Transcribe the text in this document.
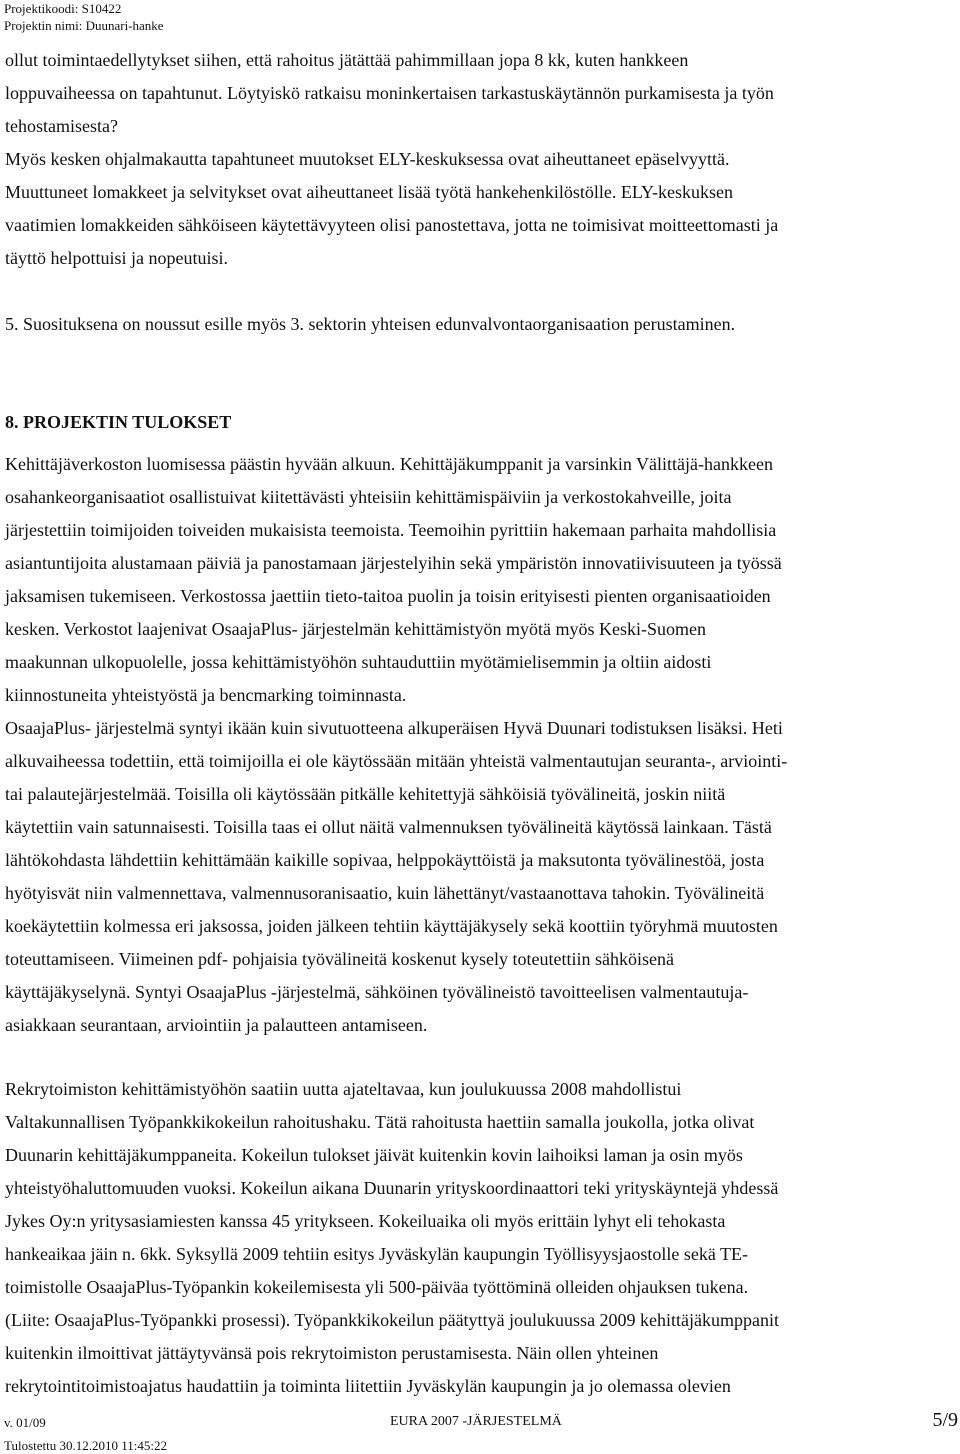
Projektikoodi: S10422
Projektin nimi: Duunari-hanke
ollut toimintaedellytykset siihen, että rahoitus jätättää pahimmillaan jopa 8 kk, kuten hankkeen
loppuvaiheessa on tapahtunut. Löytyiskö ratkaisu moninkertaisen tarkastuskäytännön purkamisesta ja työn
tehostamisesta?
Myös kesken ohjalmakautta tapahtuneet muutokset ELY-keskuksessa ovat aiheuttaneet epäselvyyttä.
Muuttuneet lomakkeet ja selvitykset ovat aiheuttaneet lisää työtä hankehenkilöstölle. ELY-keskuksen
vaatimien lomakkeiden sähköiseen käytettävyyteen olisi panostettava, jotta ne toimisivat moitteettomasti ja
täyttö helpottuisi ja nopeutuisi.
5. Suosituksena on noussut esille myös 3. sektorin yhteisen edunvalvontaorganisaation perustaminen.
8. PROJEKTIN TULOKSET
Kehittäjäverkoston luomisessa päästin hyvään alkuun. Kehittäjäkumppanit ja varsinkin Välittäjä-hankkeen
osahankeorganisaatiot osallistuivat kiitettävästi yhteisiin kehittämispäiviin ja verkostokahveille, joita
järjestettiin toimijoiden toiveiden mukaisista teemoista. Teemoihin pyrittiin hakemaan parhaita mahdollisia
asiantuntijoita alustamaan päiviä ja panostamaan järjestelyihin sekä ympäristön innovatiivisuuteen ja työssä
jaksamisen tukemiseen. Verkostossa jaettiin tieto-taitoa puolin ja toisin erityisesti pienten organisaatioiden
kesken. Verkostot laajenivat OsaajaPlus- järjestelmän kehittämistyön myötä myös Keski-Suomen
maakunnan ulkopuolelle, jossa kehittämistyöhön suhtauduttiin myötämielisemmin ja oltiin aidosti
kiinnostuneita yhteistyöstä ja bencmarking toiminnasta.
OsaajaPlus- järjestelmä syntyi ikään kuin sivutuotteena alkuperäisen Hyvä Duunari todistuksen lisäksi. Heti
alkuvaiheessa todettiin, että toimijoilla ei ole käytössään mitään yhteistä valmentautujan seuranta-, arviointi-
tai palautejärjestelmää. Toisilla oli käytössään pitkälle kehitettyjä sähköisiä työvälineitä, joskin niitä
käytettiin vain satunnaisesti. Toisilla taas ei ollut näitä valmennuksen työvälineitä käytössä lainkaan. Tästä
lähtökohdasta lähdettiin kehittämään kaikille sopivaa, helppokäyttöistä ja maksutonta työvälinestöä, josta
hyötyisvät niin valmennettava, valmennusoranisaatio, kuin lähettänyt/vastaanottava tahokin. Työvälineitä
koekäytettiin kolmessa eri jaksossa, joiden jälkeen tehtiin käyttäjäkysely sekä koottiin työryhmä muutosten
toteuttamiseen. Viimeinen pdf- pohjaisia työvälineitä koskenut kysely toteutettiin sähköisenä
käyttäjäkyselynä. Syntyi OsaajaPlus -järjestelmä, sähköinen työvälineistö tavoitteelisen valmentautuja-
asiakkaan seurantaan, arviointiin ja palautteen antamiseen.
Rekrytoimiston kehittämistyöhön saatiin uutta ajateltavaa, kun joulukuussa 2008 mahdollistui
Valtakunnallisen Työpankkikokeilun rahoitushaku. Tätä rahoitusta haettiin samalla joukolla, jotka olivat
Duunarin kehittäjäkumppaneita. Kokeilun tulokset jäivät kuitenkin kovin laihoiksi laman ja osin myös
yhteistyöhaluttomuuden vuoksi. Kokeilun aikana Duunarin yrityskoordinaattori teki yrityskäyntejä yhdessä
Jykes Oy:n yritysasiamiesten kanssa 45 yritykseen. Kokeiluaika oli myös erittäin lyhyt eli tehokasta
hankeaikaa jäin n. 6kk. Syksyllä 2009 tehtiin esitys Jyväskylän kaupungin Työllisyysjaostolle sekä TE-
toimistolle OsaajaPlus-Työpankin kokeilemisesta yli 500-päiväa työttöminä olleiden ohjauksen tukena.
(Liite: OsaajaPlus-Työpankki prosessi). Työpankkikokeilun päätyttyä joulukuussa 2009 kehittäjäkumppanit
kuitenkin ilmoittivat jättäytyvänsä pois rekrytoimiston perustamisesta. Näin ollen yhteinen
rekrytointitoimistoajatus haudattiin ja toiminta liitettiin Jyväskylän kaupungin ja jo olemassa olevien
v. 01/09
Tulostettu 30.12.2010 11:45:22
EURA 2007 -JÄRJESTELMÄ	5/9
